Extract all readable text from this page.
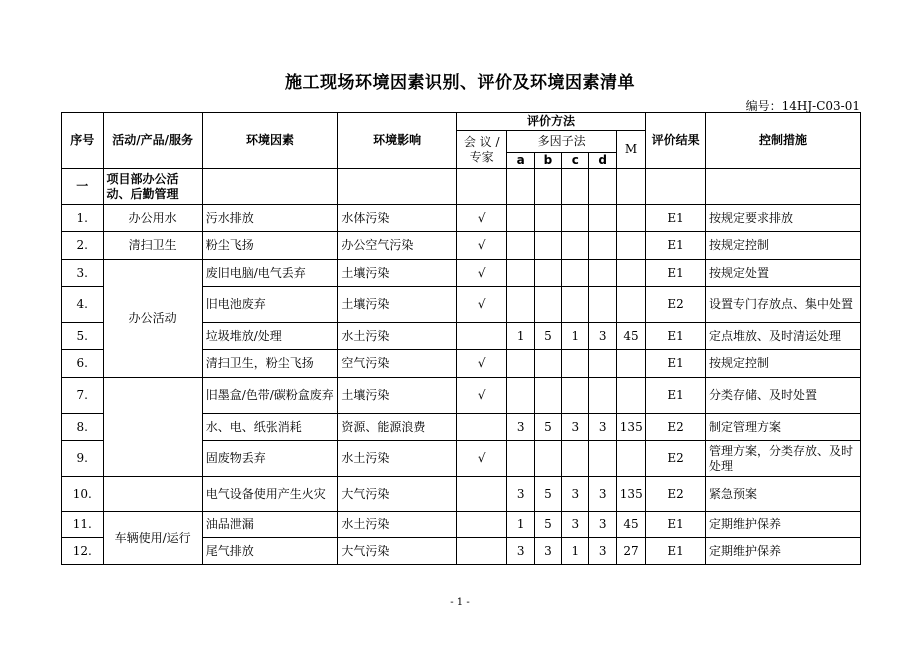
施工现场环境因素识别、评价及环境因素清单
编号：14HJ-C03-01
序号	活动/产品/服务	环境因素	环境影响	评价方法						评价结果	控制措施
				会 议 / 专家	多因子法				M		
					a	b	c	d			
一	项目部办公活动、后勤管理										
1.	办公用水	污水排放	水体污染	√						E1	按规定要求排放
2.	清扫卫生	粉尘飞扬	办公空气污染	√						E1	按规定控制
3.	办公活动	废旧电脑/电气丢弃	土壤污染	√						E1	按规定处置
4.		旧电池废弃	土壤污染	√						E2	设置专门存放点、集中处置
5.		垃圾堆放/处理	水土污染		1	5	1	3	45	E1	定点堆放、及时清运处理
6.		清扫卫生，粉尘飞扬	空气污染	√						E1	按规定控制
7.		旧墨盒/色带/碳粉盒废弃	土壤污染	√						E1	分类存储、及时处置
8.		水、电、纸张消耗	资源、能源浪费		3	5	3	3	135	E2	制定管理方案
9.		固废物丢弃	水土污染	√						E2	管理方案，分类存放、及时处理
10.		电气设备使用产生火灾	大气污染		3	5	3	3	135	E2	紧急预案
11.	车辆使用/运行	油品泄漏	水土污染		1	5	3	3	45	E1	定期维护保养
12.		尾气排放	大气污染		3	3	1	3	27	E1	定期维护保养
- 1 -
